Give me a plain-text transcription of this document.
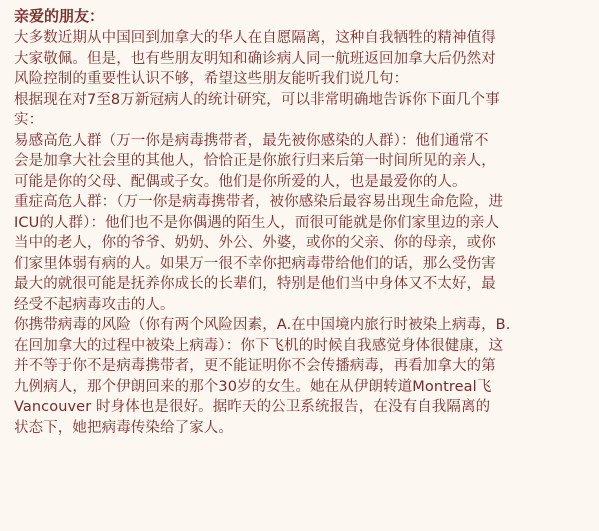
亲爱的朋友：

大多数近期从中国回到加拿大的华人在自愿隔离，这种自我牺牲的精神值得
大家敬佩。但是，也有些朋友明知和确诊病人同一航班返回加拿大后仍然对
风险控制的重要性认识不够，希望这些朋友能听我们说几句：

根据现在对7至8万新冠病人的统计研究，可以非常明确地告诉你下面几个事
实：

易感高危人群（万一你是病毒携带者，最先被你感染的人群）：他们通常不
会是加拿大社会里的其他人，恰恰正是你旅行归来后第一时间所见的亲人，
可能是你的父母、配偶或子女。他们是你所爱的人，也是最爱你的人。

重症高危人群：（万一你是病毒携带者，被你感染后最容易出现生命危险，进
ICU的人群）：他们也不是你偶遇的陌生人，而很可能就是你们家里边的亲人
当中的老人，你的爷爷、奶奶、外公、外婆，或你的父亲、你的母亲，或你
们家里体弱有病的人。如果万一很不幸你把病毒带给他们的话，那么受伤害
最大的就很可能是抚养你成长的长辈们，特别是他们当中身体又不太好，最
经受不起病毒攻击的人。

你携带病毒的风险（你有两个风险因素，A.在中国境内旅行时被染上病毒，B.
在回加拿大的过程中被染上病毒）：你下飞机的时候自我感觉身体很健康，这
并不等于你不是病毒携带者，更不能证明你不会传播病毒，再看加拿大的第
九例病人，那个伊朗回来的那个30岁的女生。她在从伊朗转道Montreal飞
Vancouver 时身体也是很好。据昨天的公卫系统报告，在没有自我隔离的
状态下，她把病毒传染给了家人。
